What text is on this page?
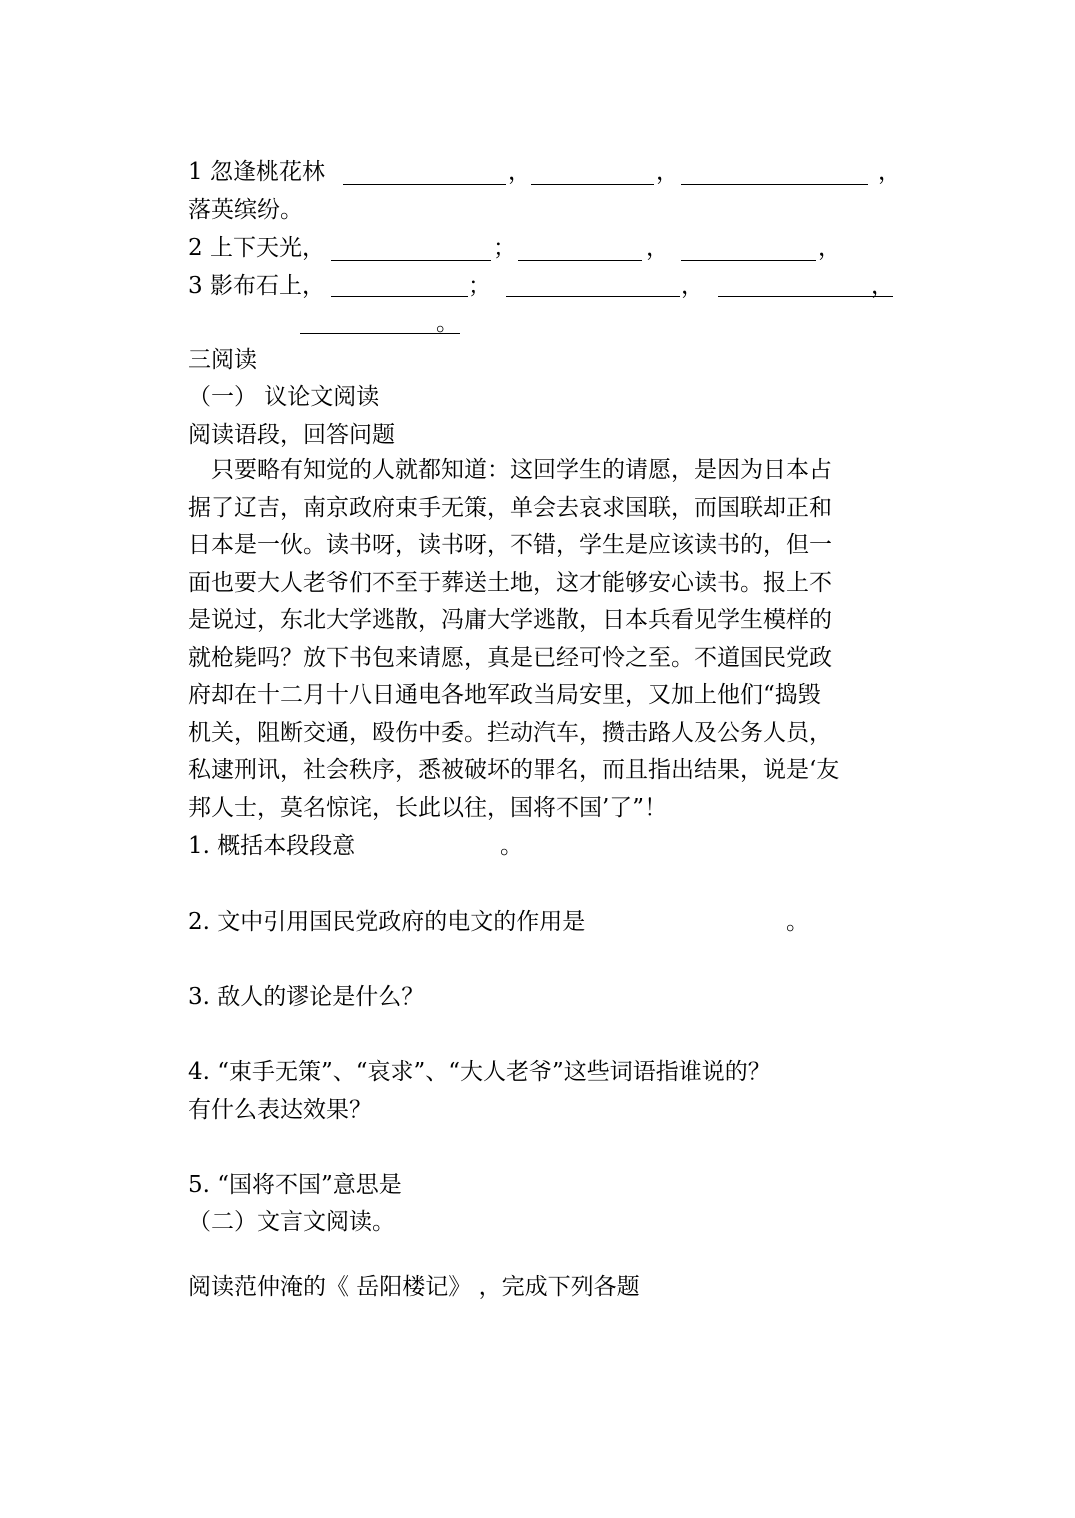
1 忽逢桃花林	，	，	，
落英缤纷。
2 上下天光，	；	，	，
3 影布石上，	；	，	，
。
三阅读
（一） 议论文阅读
阅读语段，回答问题
　只要略有知觉的人就都知道：这回学生的请愿，是因为日本占
据了辽吉，南京政府束手无策，单会去哀求国联，而国联却正和
日本是一伙。读书呀，读书呀，不错，学生是应该读书的，但一
面也要大人老爷们不至于葬送土地，这才能够安心读书。报上不
是说过，东北大学逃散，冯庸大学逃散，日本兵看见学生模样的
就枪毙吗？放下书包来请愿，真是已经可怜之至。不道国民党政
府却在十二月十八日通电各地军政当局安里，又加上他们“捣毁
机关，阻断交通，殴伤中委。拦动汽车，攒击路人及公务人员，
私逮刑讯，社会秩序，悉被破坏的罪名，而且指出结果，说是‘友
邦人士，莫名惊诧，长此以往，国将不国’了”！
1. 概括本段段意	。
2. 文中引用国民党政府的电文的作用是	。
3. 敌人的谬论是什么？
4. “束手无策”、“哀求”、“大人老爷”这些词语指谁说的？
有什么表达效果？
5. “国将不国”意思是
（二）文言文阅读。
阅读范仲淹的《 岳阳楼记》 ，完成下列各题
